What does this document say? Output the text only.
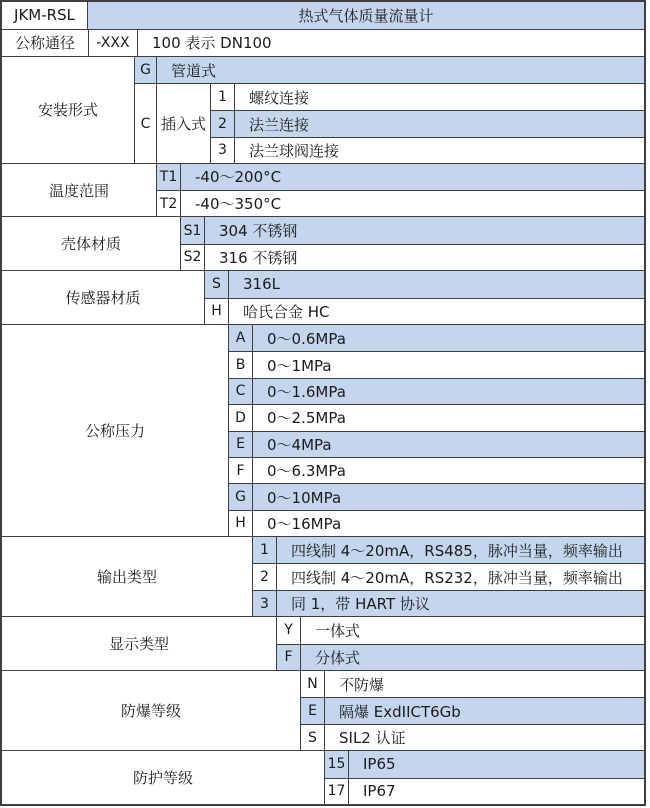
JKM-RSL	热式气体质量流量计
公称通径	-XXX	100 表示 DN100
安装形式
G	管道式
C 插入式
1	螺纹连接
2	法兰连接
3	法兰球阀连接
温度范围
T1	-40～200°C
T2	-40～350°C
壳体材质
S1	304 不锈钢
S2	316 不锈钢
传感器材质
S	316L
H	哈氏合金 HC
公称压力
A	0～0.6MPa
B	0～1MPa
C	0～1.6MPa
D	0～2.5MPa
E	0～4MPa
F	0～6.3MPa
G	0～10MPa
H	0～16MPa
输出类型
1	四线制 4～20mA，RS485，脉冲当量，频率输出
2	四线制 4～20mA，RS232，脉冲当量，频率输出
3	同 1，带 HART 协议
显示类型
Y	一体式
F	分体式
防爆等级
N	不防爆
E	隔爆 ExdIICT6Gb
S	SIL2 认证
防护等级
15	IP65
17	IP67
